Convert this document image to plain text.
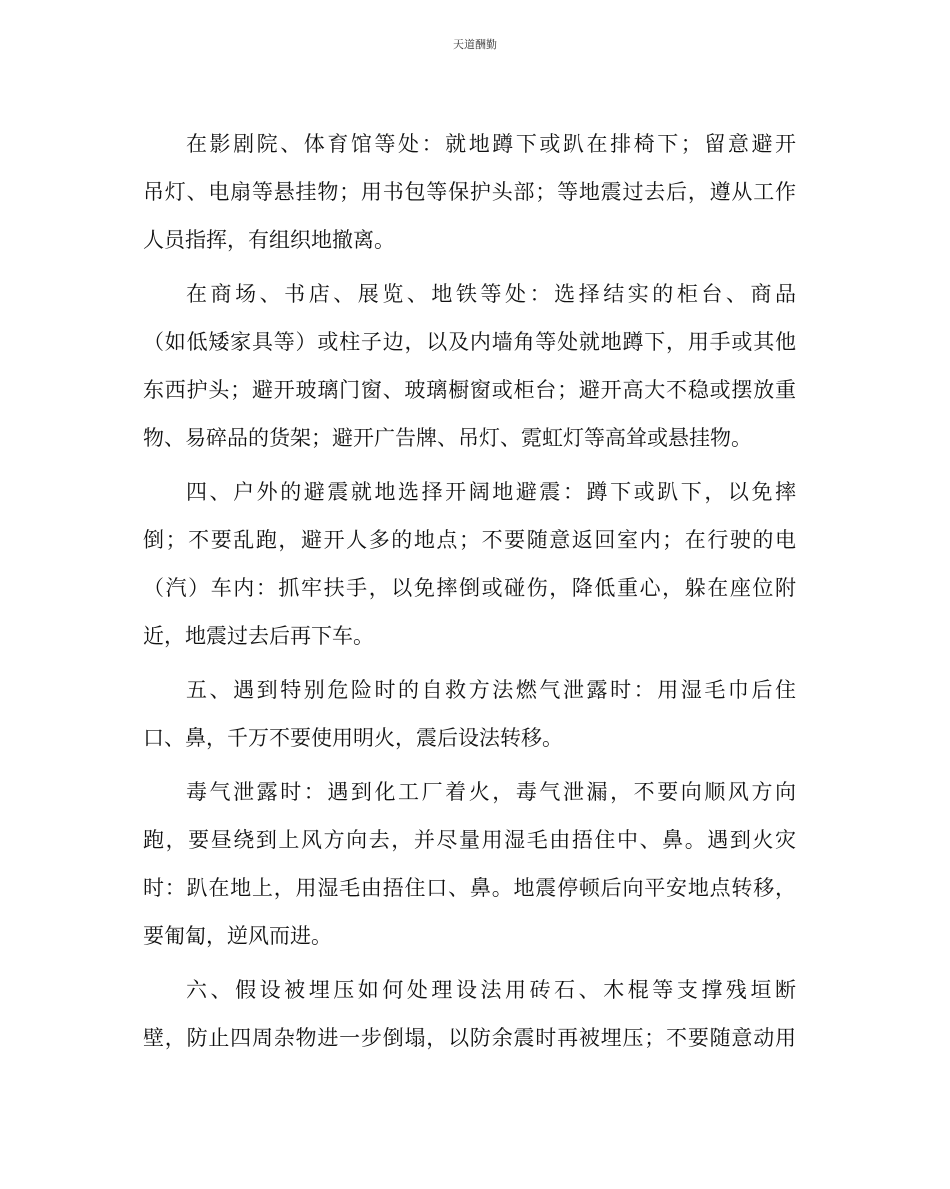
天道酬勤
在影剧院、体育馆等处：就地蹲下或趴在排椅下；留意避开
吊灯、电扇等悬挂物；用书包等保护头部；等地震过去后，遵从工作
人员指挥，有组织地撤离。
在商场、书店、展览、地铁等处：选择结实的柜台、商品
（如低矮家具等）或柱子边，以及内墙角等处就地蹲下，用手或其他
东西护头；避开玻璃门窗、玻璃橱窗或柜台；避开高大不稳或摆放重
物、易碎品的货架；避开广告牌、吊灯、霓虹灯等高耸或悬挂物。
四、户外的避震就地选择开阔地避震：蹲下或趴下，以免摔
倒；不要乱跑，避开人多的地点；不要随意返回室内；在行驶的电
（汽）车内：抓牢扶手，以免摔倒或碰伤，降低重心，躲在座位附
近，地震过去后再下车。
五、遇到特别危险时的自救方法燃气泄露时：用湿毛巾后住
口、鼻，千万不要使用明火，震后设法转移。
毒气泄露时：遇到化工厂着火，毒气泄漏，不要向顺风方向
跑，要昼绕到上风方向去，并尽量用湿毛由捂住中、鼻。遇到火灾
时：趴在地上，用湿毛由捂住口、鼻。地震停顿后向平安地点转移，
要匍匐，逆风而进。
六、假设被埋压如何处理设法用砖石、木棍等支撑残垣断
壁，防止四周杂物进一步倒塌，以防余震时再被埋压；不要随意动用
